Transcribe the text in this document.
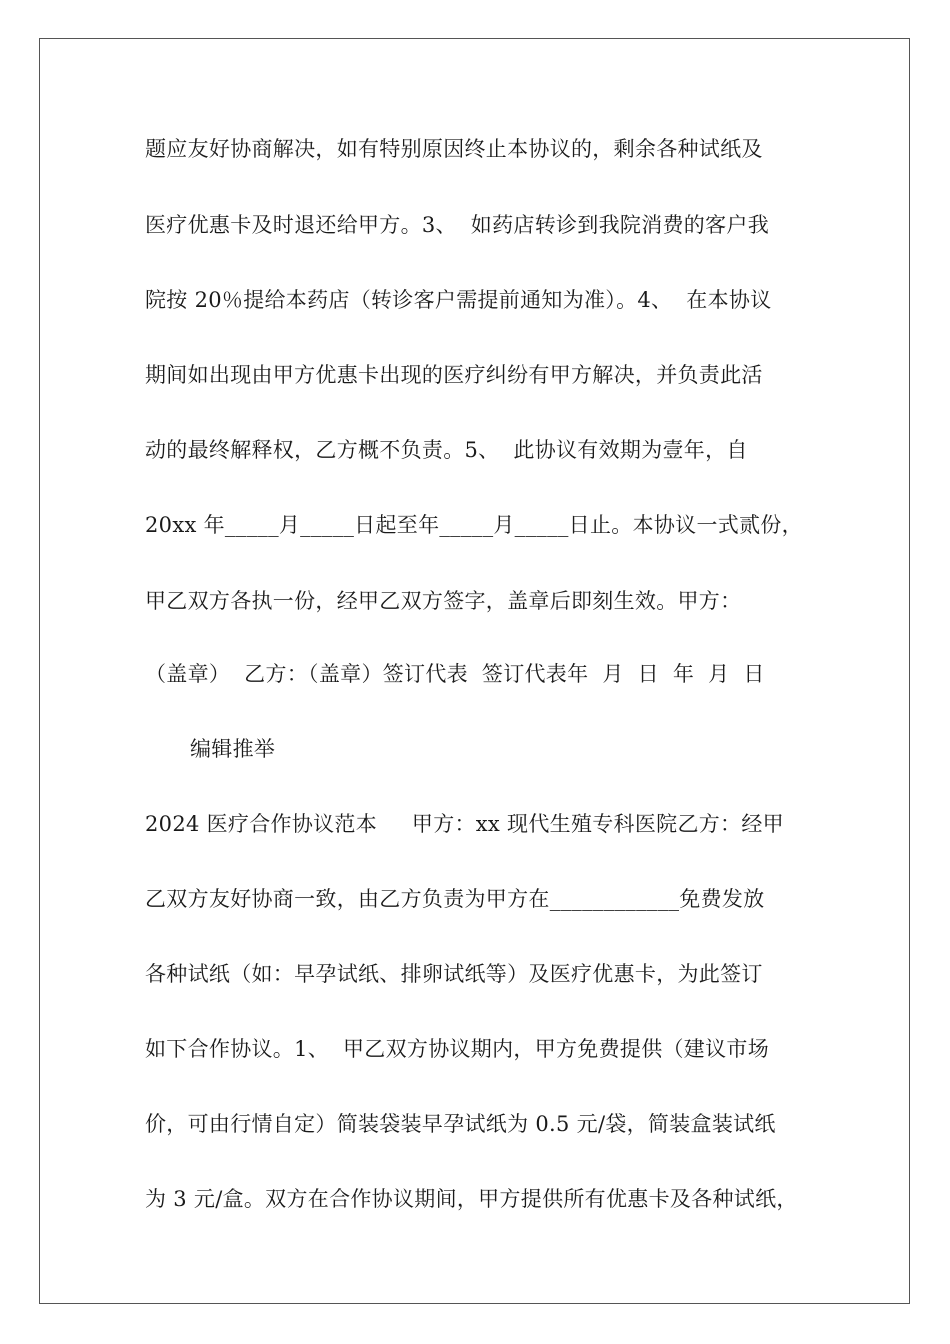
题应友好协商解决，如有特别原因终止本协议的，剩余各种试纸及
医疗优惠卡及时退还给甲方。3、  如药店转诊到我院消费的客户我
院按 20％提给本药店（转诊客户需提前通知为准）。4、  在本协议
期间如出现由甲方优惠卡出现的医疗纠纷有甲方解决，并负责此活
动的最终解释权，乙方概不负责。5、  此协议有效期为壹年，自
20xx 年_____月_____日起至年_____月_____日止。本协议一式贰份，
甲乙双方各执一份，经甲乙双方签字，盖章后即刻生效。甲方：
（盖章）  乙方：（盖章）签订代表  签订代表年  月  日  年  月  日
编辑推举
2024 医疗合作协议范本     甲方：xx 现代生殖专科医院乙方：经甲
乙双方友好协商一致，由乙方负责为甲方在____________免费发放
各种试纸（如：早孕试纸、排卵试纸等）及医疗优惠卡，为此签订
如下合作协议。1、  甲乙双方协议期内，甲方免费提供（建议市场
价，可由行情自定）简装袋装早孕试纸为 0.5 元/袋，简装盒装试纸
为 3 元/盒。双方在合作协议期间，甲方提供所有优惠卡及各种试纸，
